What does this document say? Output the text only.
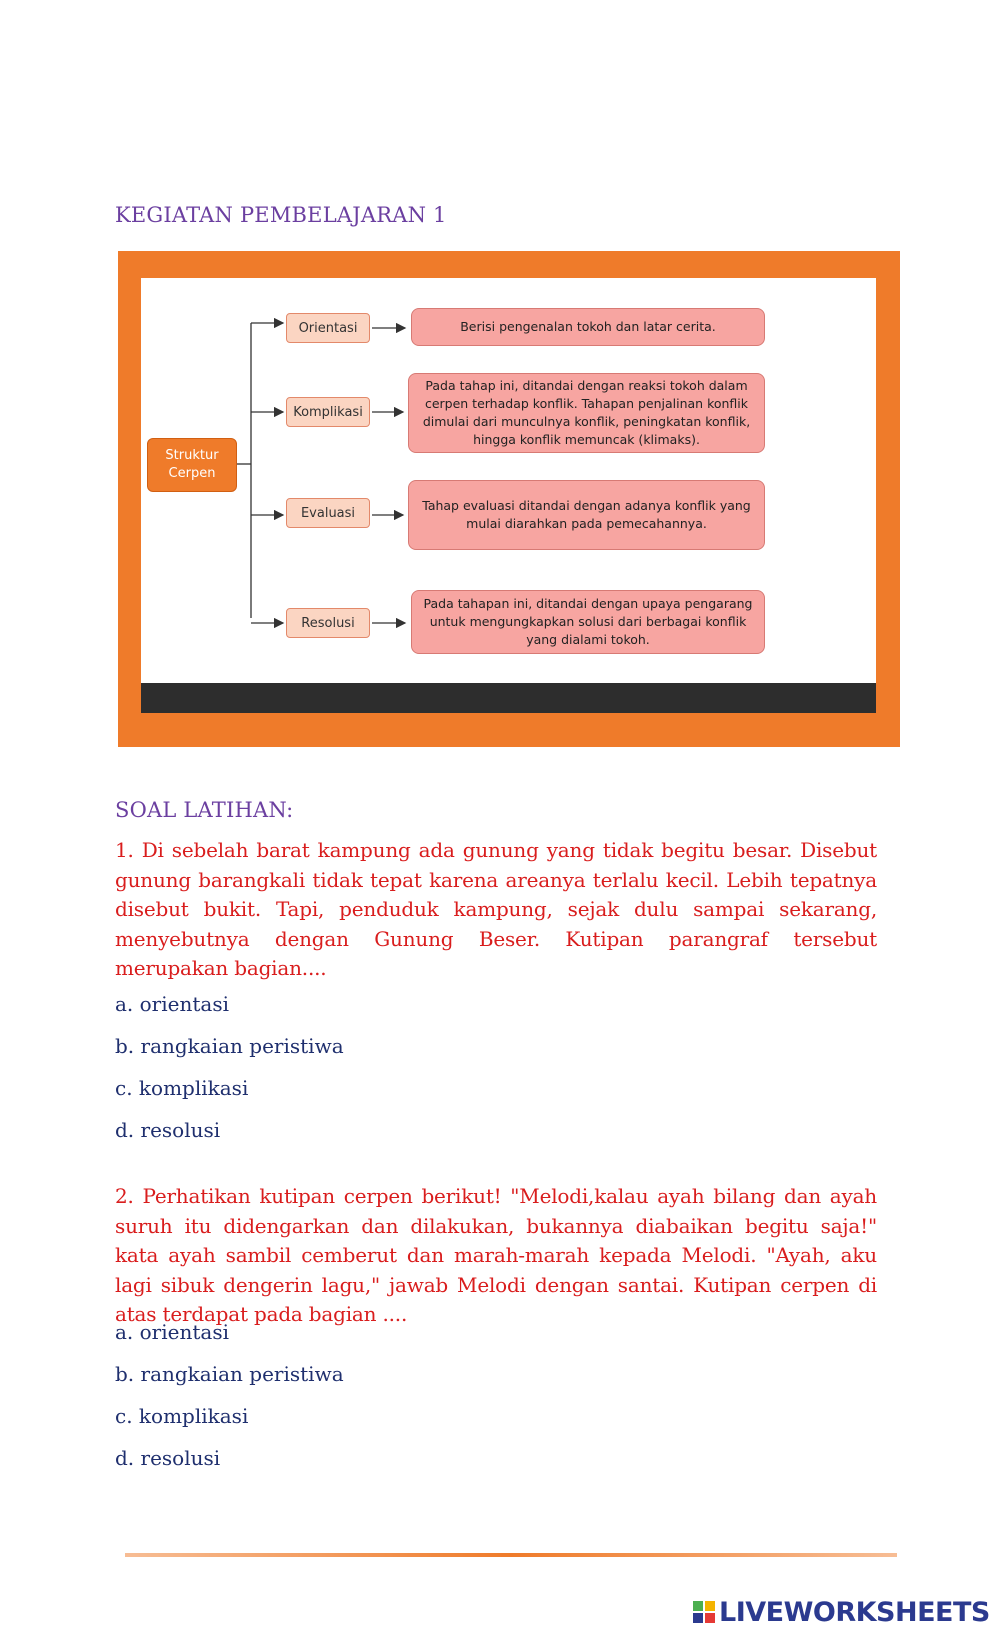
KEGIATAN PEMBELAJARAN 1
Struktur Cerpen
Orientasi
Komplikasi
Evaluasi
Resolusi
Berisi pengenalan tokoh dan latar cerita.
Pada tahap ini, ditandai dengan reaksi tokoh dalam cerpen terhadap konflik. Tahapan penjalinan konflik dimulai dari munculnya konflik, peningkatan konflik, hingga konflik memuncak (klimaks).
Tahap evaluasi ditandai dengan adanya konflik yang mulai diarahkan pada pemecahannya.
Pada tahapan ini, ditandai dengan upaya pengarang untuk mengungkapkan solusi dari berbagai konflik yang dialami tokoh.
SOAL LATIHAN:
1. Di sebelah barat kampung ada gunung yang tidak begitu besar. Disebut gunung barangkali tidak tepat karena areanya terlalu kecil. Lebih tepatnya disebut bukit. Tapi, penduduk kampung, sejak dulu sampai sekarang, menyebutnya dengan Gunung Beser. Kutipan parangraf tersebut merupakan bagian....
a. orientasi
b. rangkaian peristiwa
c. komplikasi
d. resolusi
2. Perhatikan kutipan cerpen berikut! "Melodi,kalau ayah bilang dan ayah suruh itu didengarkan dan dilakukan, bukannya diabaikan begitu saja!" kata ayah sambil cemberut dan marah-marah kepada Melodi. "Ayah, aku lagi sibuk dengerin lagu," jawab Melodi dengan santai. Kutipan cerpen di atas terdapat pada bagian ....
a. orientasi
b. rangkaian peristiwa
c. komplikasi
d. resolusi
LIVEWORKSHEETS
